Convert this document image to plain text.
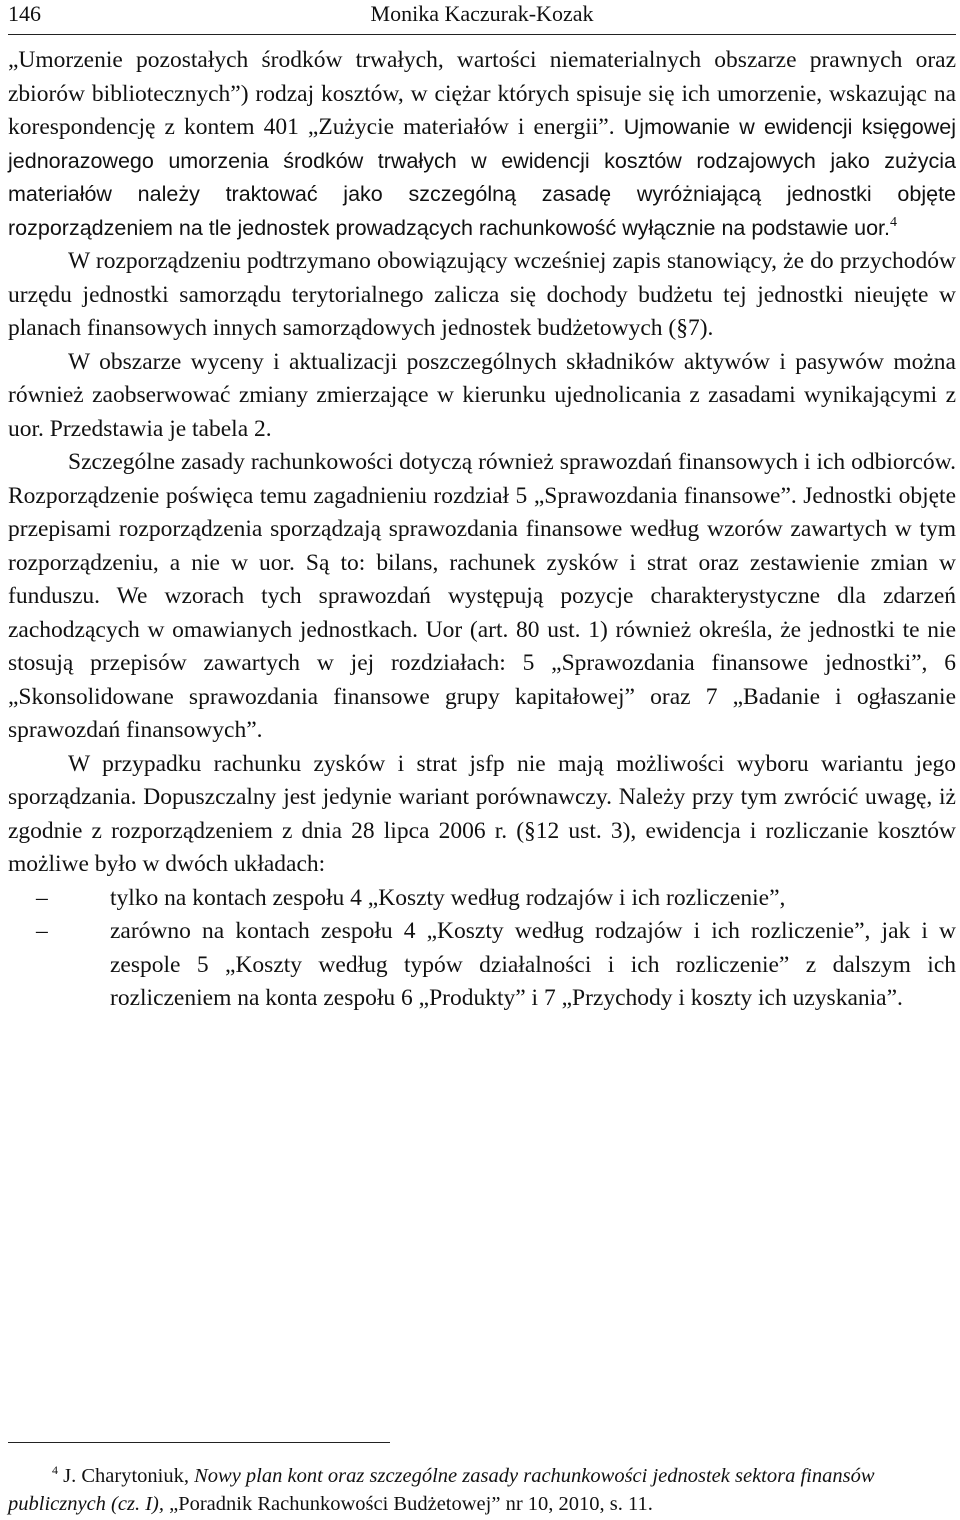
146	Monika Kaczurak-Kozak

„Umorzenie pozostałych środków trwałych, wartości niematerialnych obszarze prawnych oraz zbiorów bibliotecznych”) rodzaj kosztów, w ciężar których spisuje się ich umorzenie, wskazując na korespondencję z kontem 401 „Zużycie materiałów i energii”. Ujmowanie w ewidencji księgowej jednorazowego umorzenia środków trwałych w ewidencji kosztów rodzajowych jako zużycia materiałów należy traktować jako szczególną zasadę wyróżniającą jednostki objęte rozporządzeniem na tle jednostek prowadzących rachunkowość wyłącznie na podstawie uor.$^4$

W rozporządzeniu podtrzymano obowiązujący wcześniej zapis stanowiący, że do przychodów urzędu jednostki samorządu terytorialnego zalicza się dochody budżetu tej jednostki nieujęte w planach finansowych innych samorządowych jednostek budżetowych (§7).

W obszarze wyceny i aktualizacji poszczególnych składników aktywów i pasywów można również zaobserwować zmiany zmierzające w kierunku ujednolicania z zasadami wynikającymi z uor. Przedstawia je tabela 2.

Szczególne zasady rachunkowości dotyczą również sprawozdań finansowych i ich odbiorców. Rozporządzenie poświęca temu zagadnieniu rozdział 5 „Sprawozdania finansowe”. Jednostki objęte przepisami rozporządzenia sporządzają sprawozdania finansowe według wzorów zawartych w tym rozporządzeniu, a nie w uor. Są to: bilans, rachunek zysków i strat oraz zestawienie zmian w funduszu. We wzorach tych sprawozdań występują pozycje charakterystyczne dla zdarzeń zachodzących w omawianych jednostkach. Uor (art. 80 ust. 1) również określa, że jednostki te nie stosują przepisów zawartych w jej rozdziałach: 5 „Sprawozdania finansowe jednostki”, 6 „Skonsolidowane sprawozdania finansowe grupy kapitałowej” oraz 7 „Badanie i ogłaszanie sprawozdań finansowych”.

W przypadku rachunku zysków i strat jsfp nie mają możliwości wyboru wariantu jego sporządzania. Dopuszczalny jest jedynie wariant porównawczy. Należy przy tym zwrócić uwagę, iż zgodnie z rozporządzeniem z dnia 28 lipca 2006 r. (§12 ust. 3), ewidencja i rozliczanie kosztów możliwe było w dwóch układach:

–	tylko na kontach zespołu 4 „Koszty według rodzajów i ich rozliczenie”,
–	zarówno na kontach zespołu 4 „Koszty według rodzajów i ich rozliczenie”, jak i w zespole 5 „Koszty według typów działalności i ich rozliczenie” z dalszym ich rozliczeniem na konta zespołu 6 „Produkty” i 7 „Przychody i koszty ich uzyskania”.
$^4$ J. Charytoniuk, Nowy plan kont oraz szczególne zasady rachunkowości jednostek sektora finansów publicznych (cz. I), „Poradnik Rachunkowości Budżetowej” nr 10, 2010, s. 11.
